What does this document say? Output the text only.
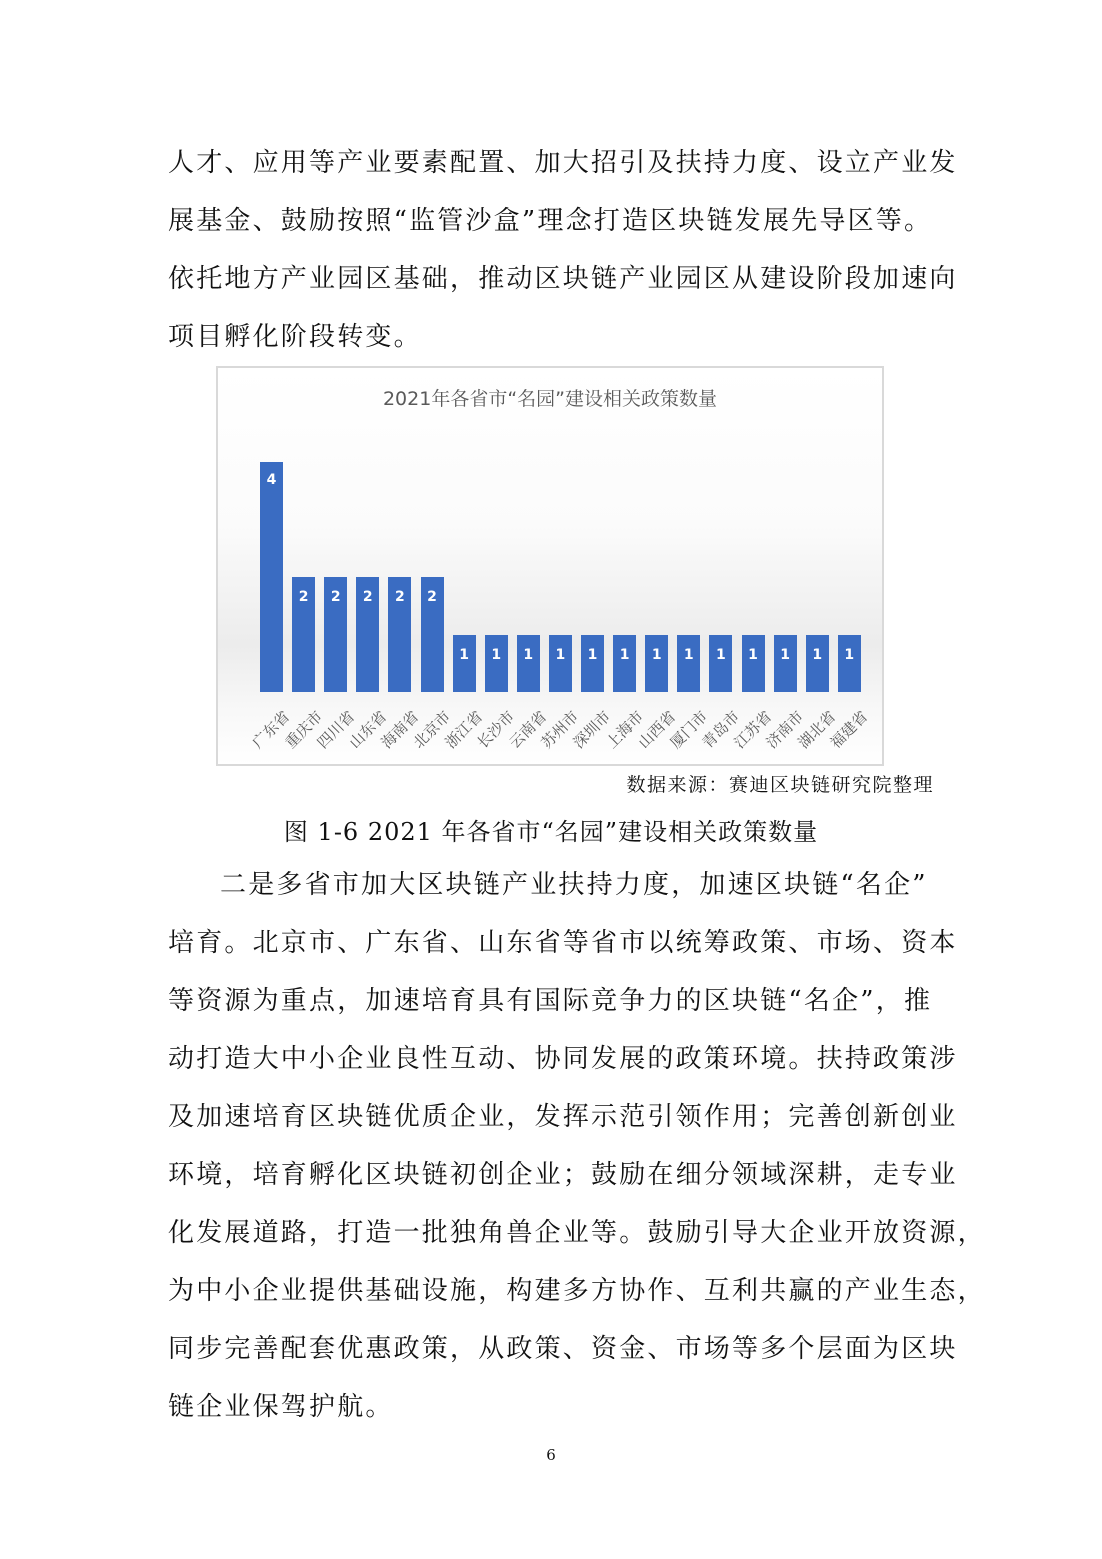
人才、应用等产业要素配置、加大招引及扶持力度、设立产业发
展基金、鼓励按照“监管沙盒”理念打造区块链发展先导区等。
依托地方产业园区基础，推动区块链产业园区从建设阶段加速向
项目孵化阶段转变。
2021年各省市“名园”建设相关政策数量
4
广东省
2
重庆市
2
四川省
2
山东省
2
海南省
2
北京市
1
浙江省
1
长沙市
1
云南省
1
苏州市
1
深圳市
1
上海市
1
山西省
1
厦门市
1
青岛市
1
江苏省
1
济南市
1
湖北省
1
福建省
数据来源：赛迪区块链研究院整理
图 1-6 2021 年各省市“名园”建设相关政策数量
二是多省市加大区块链产业扶持力度，加速区块链“名企”
培育。北京市、广东省、山东省等省市以统筹政策、市场、资本
等资源为重点，加速培育具有国际竞争力的区块链“名企”，推
动打造大中小企业良性互动、协同发展的政策环境。扶持政策涉
及加速培育区块链优质企业，发挥示范引领作用；完善创新创业
环境，培育孵化区块链初创企业；鼓励在细分领域深耕，走专业
化发展道路，打造一批独角兽企业等。鼓励引导大企业开放资源，
为中小企业提供基础设施，构建多方协作、互利共赢的产业生态，
同步完善配套优惠政策，从政策、资金、市场等多个层面为区块
链企业保驾护航。
6
